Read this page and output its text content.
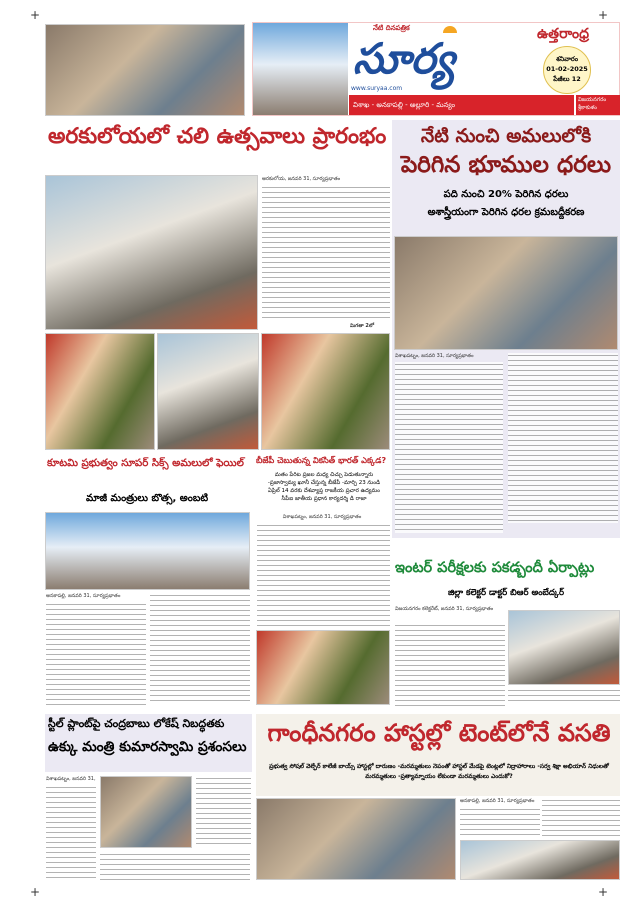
+	+
+	+
నేటి దినపత్రిక
సూర్య
www.suryaa.com
ఉత్తరాంధ్ర
శనివారం
01-02-2025
పేజీలు 12
విశాఖ - అనకాపల్లి - అల్లూరి - మన్యం
విజయనగరం
శ్రీకాకుళం
అరకులోయలో చలి ఉత్సవాలు ప్రారంభం
అరకులోయ, జనవరి 31, సూర్యప్రభాతం
మిగతా 2లో
నేటి నుంచి అమలులోకి
పెరిగిన భూముల ధరలు
పది నుంచి 20% పెరిగిన ధరలు
అశాస్త్రీయంగా పెరిగిన ధరల క్రమబద్దీకరణ
విశాఖపట్నం, జనవరి 31, సూర్యప్రభాతం
కూటమి ప్రభుత్వం సూపర్ సిక్స్ అమలులో ఫెయిల్
మాజీ మంత్రులు బొత్స, అంబటి
అనకాపల్లి, జనవరి 31, సూర్యప్రభాతం
బీజేపీ చెబుతున్న వికసిత్ భారత్ ఎక్కడ?
మతం పేరిట ప్రజల మధ్య చిచ్చు పెడుతున్నారు -ప్రజాస్వామ్య ఖూనీ చేస్తున్న బీజేపీ -మార్చి 23 నుండి ఏప్రిల్ 14 వరకు దేశవ్యాప్త రాజకీయ ప్రచార ఉద్యమం సీపీఐ జాతీయ ప్రధాన కార్యదర్శి డి రాజా
విశాఖపట్నం, జనవరి 31, సూర్యప్రభాతం
ఇంటర్ పరీక్షలకు పకడ్బందీ ఏర్పాట్లు
జిల్లా కలెక్టర్ డాక్టర్ బిఆర్ అంబేద్కర్
విజయనగరం కలెక్టరేట్, జనవరి 31, సూర్యప్రభాతం
స్టీల్ ప్లాంట్‌పై చంద్రబాబు లోకేష్ నిబద్ధతకు
ఉక్కు మంత్రి కుమారస్వామి ప్రశంసలు
విశాఖపట్నం, జనవరి 31,
గాంధీనగరం హాస్టల్లో టెంట్‌లోనే వసతి
ప్రభుత్వ సోషల్ వెల్ఫేర్ కాలేజీ బాయ్స్ హాస్టల్లో దారుణం -మరమ్మతులు నెపంతో హాస్టల్ మేడపై టెంట్లలో నిద్రాహారాలు -సర్వ శిక్షా అభియాన్ నిధులతో మరమ్మతులు -ప్రత్యామ్నాయం లేకుండా మరమ్మతులు ఎందుకో?
అనకాపల్లి, జనవరి 31, సూర్యప్రభాతం
